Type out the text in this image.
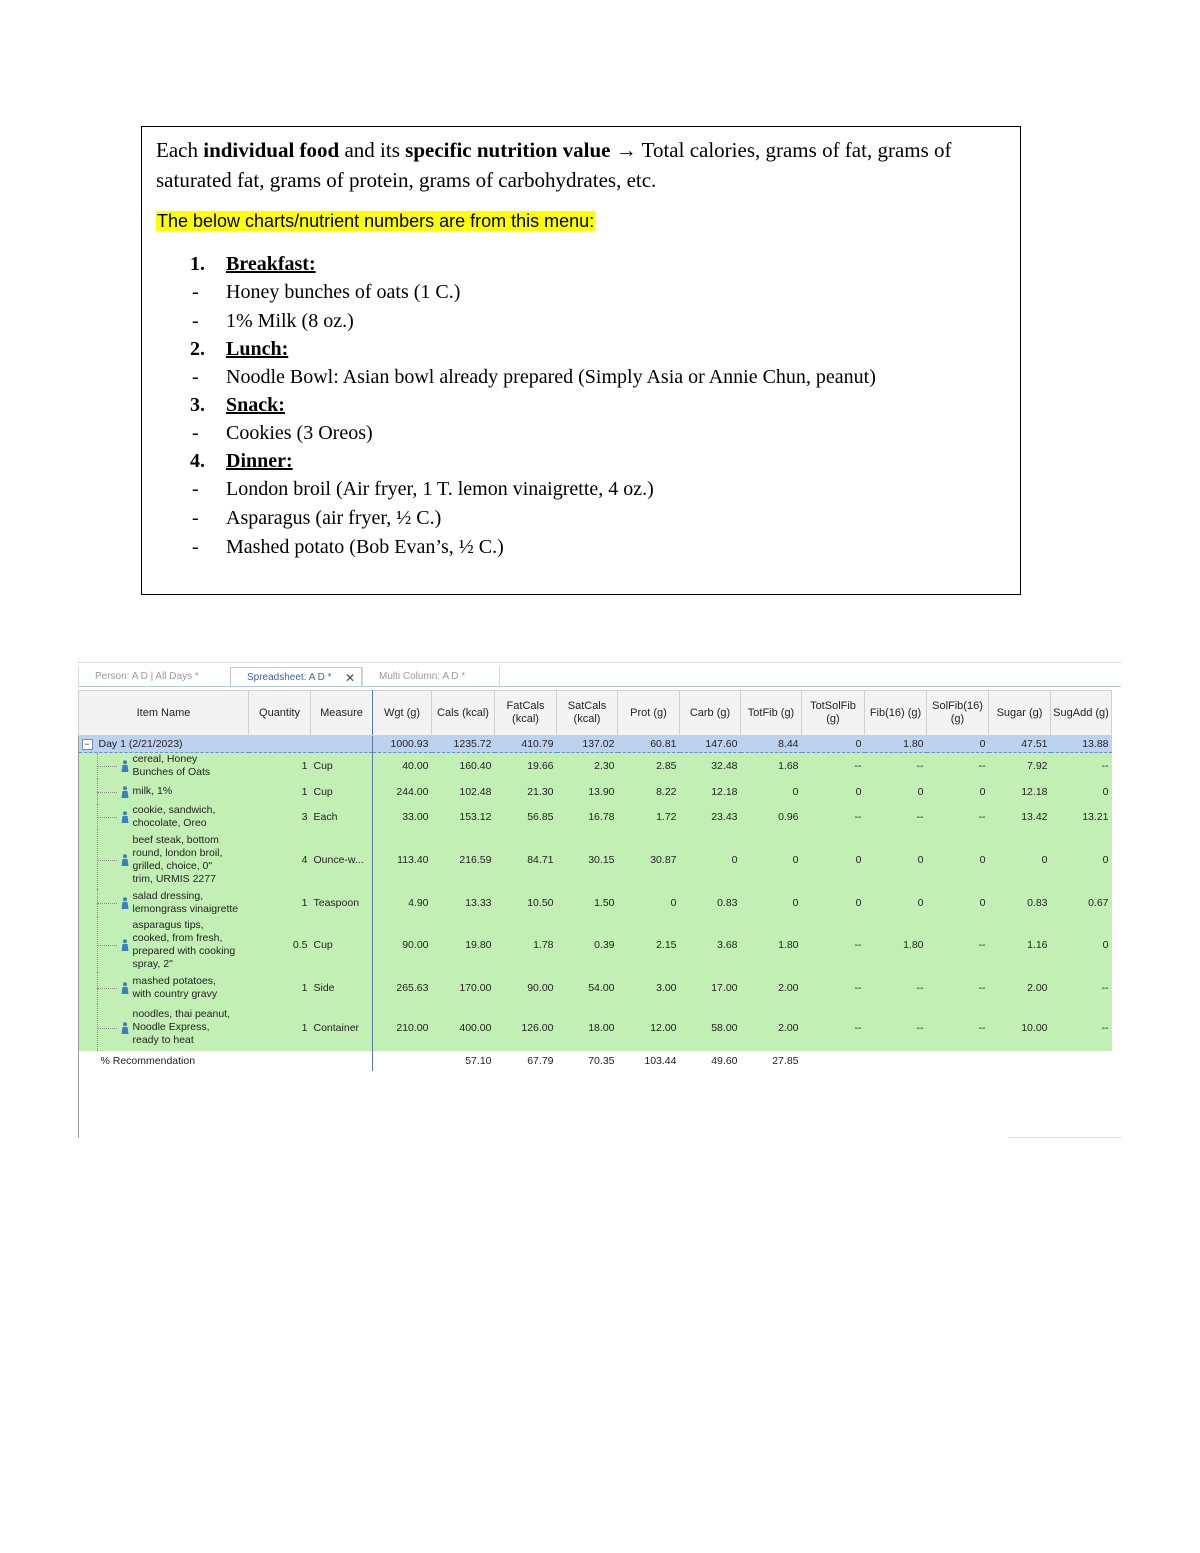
Each individual food and its specific nutrition value → Total calories, grams of fat, grams of saturated fat, grams of protein, grams of carbohydrates, etc.

The below charts/nutrient numbers are from this menu:
1. Breakfast:
- Honey bunches of oats (1 C.)
- 1% Milk (8 oz.)
2. Lunch:
- Noodle Bowl: Asian bowl already prepared (Simply Asia or Annie Chun, peanut)
3. Snack:
- Cookies (3 Oreos)
4. Dinner:
- London broil (Air fryer, 1 T. lemon vinaigrette, 4 oz.)
- Asparagus (air fryer, ½ C.)
- Mashed potato (Bob Evan’s, ½ C.)
Person: A D | All Days *	Spreadsheet: A D * ✕	Multi Column: A D *
Item Name	Quantity	Measure	Wgt (g)	Cals (kcal)	FatCals (kcal)	SatCals (kcal)	Prot (g)	Carb (g)	TotFib (g)	TotSolFib (g)	Fib(16) (g)	SolFib(16) (g)	Sugar (g)	SugAdd (g)
− Day 1 (2/21/2023)			1000.93	1235.72	410.79	137.02	60.81	147.60	8.44	0	1.80	0	47.51	13.88

cereal, Honey
Bunches of Oats	1	Cup	40.00	160.40	19.66	2.30	2.85	32.48	1.68	--	--	--	7.92	--

milk, 1%	1	Cup	244.00	102.48	21.30	13.90	8.22	12.18	0	0	0	0	12.18	0

cookie, sandwich,
chocolate, Oreo	3	Each	33.00	153.12	56.85	16.78	1.72	23.43	0.96	--	--	--	13.42	13.21

beef steak, bottom
round, london broil,
grilled, choice, 0"
trim, URMIS 2277	4	Ounce-w...	113.40	216.59	84.71	30.15	30.87	0	0	0	0	0	0	0

salad dressing,
lemongrass vinaigrette	1	Teaspoon	4.90	13.33	10.50	1.50	0	0.83	0	0	0	0	0.83	0.67

asparagus tips,
cooked, from fresh,
prepared with cooking
spray, 2"	0.5	Cup	90.00	19.80	1.78	0.39	2.15	3.68	1.80	--	1.80	--	1.16	0

mashed potatoes,
with country gravy	1	Side	265.63	170.00	90.00	54.00	3.00	17.00	2.00	--	--	--	2.00	--

noodles, thai peanut,
Noodle Express,
ready to heat	1	Container	210.00	400.00	126.00	18.00	12.00	58.00	2.00	--	--	--	10.00	--
% Recommendation				57.10	67.79	70.35	103.44	49.60	27.85					
